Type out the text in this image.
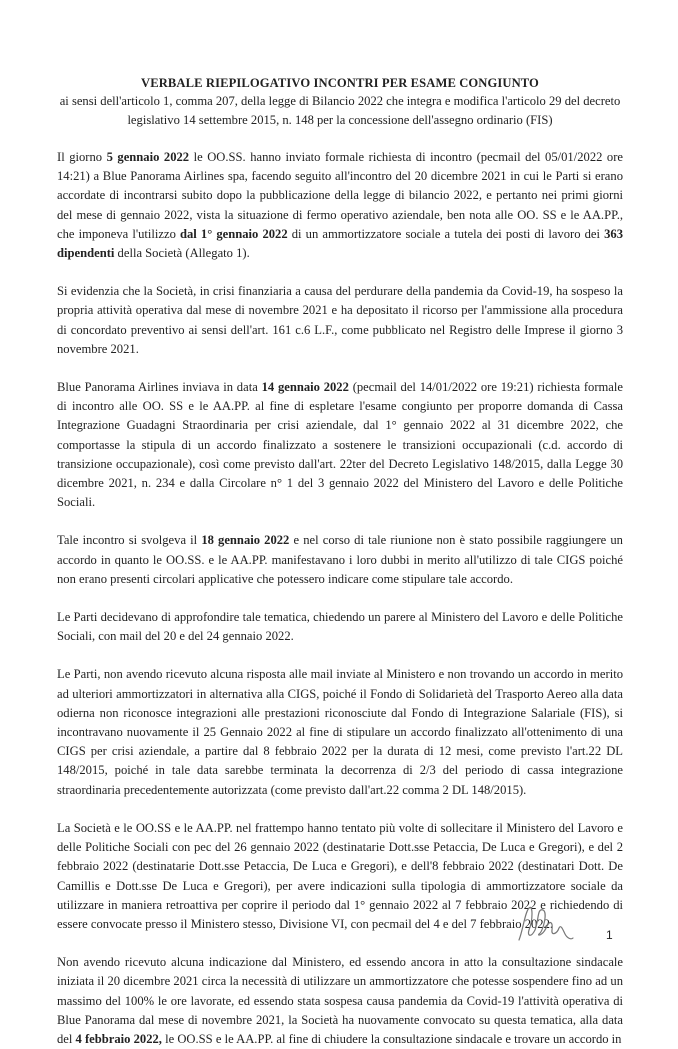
VERBALE RIEPILOGATIVO INCONTRI PER ESAME CONGIUNTO
ai sensi dell'articolo 1, comma 207, della legge di Bilancio 2022 che integra e modifica l'articolo 29 del decreto
legislativo 14 settembre 2015, n. 148 per la concessione dell'assegno ordinario (FIS)

Il giorno 5 gennaio 2022 le OO.SS. hanno inviato formale richiesta di incontro (pecmail del 05/01/2022 ore 14:21) a Blue Panorama Airlines spa, facendo seguito all'incontro del 20 dicembre 2021 in cui le Parti si erano accordate di incontrarsi subito dopo la pubblicazione della legge di bilancio 2022, e pertanto nei primi giorni del mese di gennaio 2022, vista la situazione di fermo operativo aziendale, ben nota alle OO. SS e le AA.PP., che imponeva l'utilizzo dal 1° gennaio 2022 di un ammortizzatore sociale a tutela dei posti di lavoro dei 363 dipendenti della Società (Allegato 1).

Si evidenzia che la Società, in crisi finanziaria a causa del perdurare della pandemia da Covid-19, ha sospeso la propria attività operativa dal mese di novembre 2021 e ha depositato il ricorso per l'ammissione alla procedura di concordato preventivo ai sensi dell'art. 161 c.6 L.F., come pubblicato nel Registro delle Imprese il giorno 3 novembre 2021.

Blue Panorama Airlines inviava in data 14 gennaio 2022 (pecmail del 14/01/2022 ore 19:21) richiesta formale di incontro alle OO. SS e le AA.PP. al fine di espletare l'esame congiunto per proporre domanda di Cassa Integrazione Guadagni Straordinaria per crisi aziendale, dal 1° gennaio 2022 al 31 dicembre 2022, che comportasse la stipula di un accordo finalizzato a sostenere le transizioni occupazionali (c.d. accordo di transizione occupazionale), così come previsto dall'art. 22ter del Decreto Legislativo 148/2015, dalla Legge 30 dicembre 2021, n. 234 e dalla Circolare n° 1 del 3 gennaio 2022 del Ministero del Lavoro e delle Politiche Sociali.

Tale incontro si svolgeva il 18 gennaio 2022 e nel corso di tale riunione non è stato possibile raggiungere un accordo in quanto le OO.SS. e le AA.PP. manifestavano i loro dubbi in merito all'utilizzo di tale CIGS poiché non erano presenti circolari applicative che potessero indicare come stipulare tale accordo.

Le Parti decidevano di approfondire tale tematica, chiedendo un parere al Ministero del Lavoro e delle Politiche Sociali, con mail del 20 e del 24 gennaio 2022.

Le Parti, non avendo ricevuto alcuna risposta alle mail inviate al Ministero e non trovando un accordo in merito ad ulteriori ammortizzatori in alternativa alla CIGS, poiché il Fondo di Solidarietà del Trasporto Aereo alla data odierna non riconosce integrazioni alle prestazioni riconosciute dal Fondo di Integrazione Salariale (FIS), si incontravano nuovamente il 25 Gennaio 2022 al fine di stipulare un accordo finalizzato all'ottenimento di una CIGS per crisi aziendale, a partire dal 8 febbraio 2022 per la durata di 12 mesi, come previsto l'art.22 DL 148/2015, poiché in tale data sarebbe terminata la decorrenza di 2/3 del periodo di cassa integrazione straordinaria precedentemente autorizzata (come previsto dall'art.22 comma 2 DL 148/2015).

La Società e le OO.SS e le AA.PP. nel frattempo hanno tentato più volte di sollecitare il Ministero del Lavoro e delle Politiche Sociali con pec del 26 gennaio 2022 (destinatarie Dott.sse Petaccia, De Luca e Gregori), e del 2 febbraio 2022 (destinatarie Dott.sse Petaccia, De Luca e Gregori), e dell'8 febbraio 2022 (destinatari Dott. De Camillis e Dott.sse De Luca e Gregori), per avere indicazioni sulla tipologia di ammortizzatore sociale da utilizzare in maniera retroattiva per coprire il periodo dal 1° gennaio 2022 al 7 febbraio 2022 e richiedendo di essere convocate presso il Ministero stesso, Divisione VI, con pecmail del 4 e del 7 febbraio 2022.

Non avendo ricevuto alcuna indicazione dal Ministero, ed essendo ancora in atto la consultazione sindacale iniziata il 20 dicembre 2021 circa la necessità di utilizzare un ammortizzatore che potesse sospendere fino ad un massimo del 100% le ore lavorate, ed essendo stata sospesa causa pandemia da Covid-19 l'attività operativa di Blue Panorama dal mese di novembre 2021, la Società ha nuovamente convocato su questa tematica, alla data del 4 febbraio 2022, le OO.SS e le AA.PP. al fine di chiudere la consultazione sindacale e trovare un accordo in

1
